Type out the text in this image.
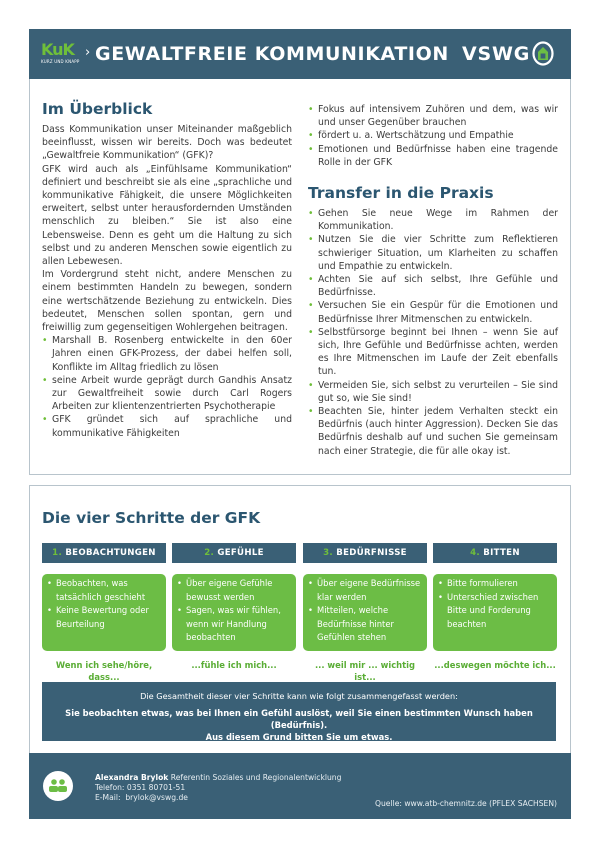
KuK
KURZ UND KNAPP
› GEWALTFREIE KOMMUNIKATION VSWG
Im Überblick

Dass Kommunikation unser Miteinander maßgeblich beeinflusst, wissen wir bereits. Doch was bedeutet „Gewaltfreie Kommunikation“ (GFK)?

GFK wird auch als „Einfühlsame Kommunikation“ definiert und beschreibt sie als eine „sprachliche und kommunikative Fähigkeit, die unsere Möglichkeiten erweitert, selbst unter herausfordernden Umständen menschlich zu bleiben.“ Sie ist also eine Lebensweise. Denn es geht um die Haltung zu sich selbst und zu anderen Menschen sowie eigentlich zu allen Lebewesen.

Im Vordergrund steht nicht, andere Menschen zu einem bestimmten Handeln zu bewegen, sondern eine wertschätzende Beziehung zu entwickeln. Dies bedeutet, Menschen sollen spontan, gern und freiwillig zum gegenseitigen Wohlergehen beitragen.

• Marshall B. Rosenberg entwickelte in den 60er Jahren einen GFK-Prozess, der dabei helfen soll, Konflikte im Alltag friedlich zu lösen
• seine Arbeit wurde geprägt durch Gandhis Ansatz zur Gewaltfreiheit sowie durch Carl Rogers Arbeiten zur klientenzentrierten Psychotherapie
• GFK gründet sich auf sprachliche und kommunikative Fähigkeiten
• Fokus auf intensivem Zuhören und dem, was wir und unser Gegenüber brauchen
• fördert u. a. Wertschätzung und Empathie
• Emotionen und Bedürfnisse haben eine tragende Rolle in der GFK
Transfer in die Praxis
• Gehen Sie neue Wege im Rahmen der Kommunikation.
• Nutzen Sie die vier Schritte zum Reflektieren schwieriger Situation, um Klarheiten zu schaffen und Empathie zu entwickeln.
• Achten Sie auf sich selbst, Ihre Gefühle und Bedürfnisse.
• Versuchen Sie ein Gespür für die Emotionen und Bedürfnisse Ihrer Mitmenschen zu entwickeln.
• Selbstfürsorge beginnt bei Ihnen – wenn Sie auf sich, Ihre Gefühle und Bedürfnisse achten, werden es Ihre Mitmenschen im Laufe der Zeit ebenfalls tun.
• Vermeiden Sie, sich selbst zu verurteilen – Sie sind gut so, wie Sie sind!
• Beachten Sie, hinter jedem Verhalten steckt ein Bedürfnis (auch hinter Aggression). Decken Sie das Bedürfnis deshalb auf und suchen Sie gemeinsam nach einer Strategie, die für alle okay ist.
Die vier Schritte der GFK
1. BEOBACHTUNGEN
• Beobachten, was tatsächlich geschieht
• Keine Bewertung oder Beurteilung
Wenn ich sehe/höre, dass...
2. GEFÜHLE
• Über eigene Gefühle bewusst werden
• Sagen, was wir fühlen, wenn wir Handlung beobachten
...fühle ich mich...
3. BEDÜRFNISSE
• Über eigene Bedürfnisse klar werden
• Mitteilen, welche Bedürfnisse hinter Gefühlen stehen
... weil mir ... wichtig ist...
4. BITTEN
• Bitte formulieren
• Unterschied zwischen Bitte und Forderung beachten
...deswegen möchte ich...
Die Gesamtheit dieser vier Schritte kann wie folgt zusammengefasst werden:
Sie beobachten etwas, was bei Ihnen ein Gefühl auslöst, weil Sie einen bestimmten Wunsch haben (Bedürfnis).
Aus diesem Grund bitten Sie um etwas.
Alexandra Brylok Referentin Soziales und Regionalentwicklung
Telefon: 0351 80701-51
E-Mail: brylok@vswg.de
Quelle: www.atb-chemnitz.de (PFLEX SACHSEN)
